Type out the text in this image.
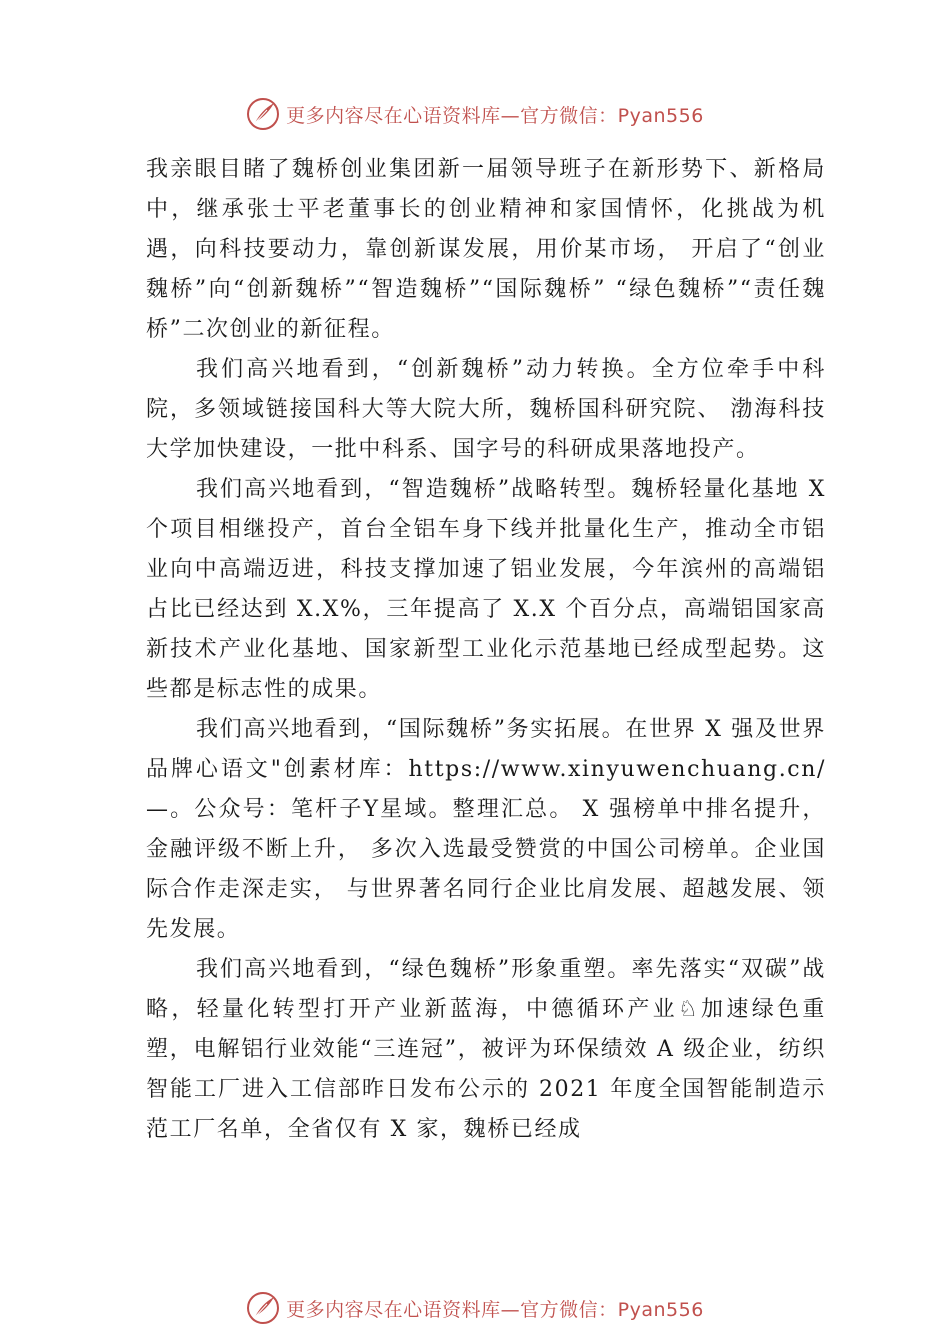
更多内容尽在心语资料库—官方微信：Pyan556

我亲眼目睹了魏桥创业集团新一届领导班子在新形势下、新格局中，继承张士平老董事长的创业精神和家国情怀，化挑战为机遇，向科技要动力，靠创新谋发展，用价某市场， 开启了“创业魏桥”向“创新魏桥”“智造魏桥”“国际魏桥” “绿色魏桥”“责任魏桥”二次创业的新征程。

我们高兴地看到，“创新魏桥”动力转换。全方位牵手中科院，多领域链接国科大等大院大所，魏桥国科研究院、 渤海科技大学加快建设，一批中科系、国字号的科研成果落地投产。

我们高兴地看到，“智造魏桥”战略转型。魏桥轻量化基地 X 个项目相继投产，首台全铝车身下线并批量化生产，推动全市铝业向中高端迈进，科技支撑加速了铝业发展，今年滨州的高端铝占比已经达到 X.X%，三年提高了 X.X 个百分点，高端铝国家高新技术产业化基地、国家新型工业化示范基地已经成型起势。这些都是标志性的成果。

我们高兴地看到，“国际魏桥”务实拓展。在世界 X 强及世界品牌心语文"创素材库：https://www.xinyuwenchuang.cn/—。公众号：笔杆子Y星域。整理汇总。 X 强榜单中排名提升，金融评级不断上升， 多次入选最受赞赏的中国公司榜单。企业国际合作走深走实， 与世界著名同行企业比肩发展、超越发展、领先发展。

我们高兴地看到，“绿色魏桥”形象重塑。率先落实“双碳”战略，轻量化转型打开产业新蓝海，中德循环产业♘加速绿色重塑，电解铝行业效能“三连冠”，被评为环保绩效 A 级企业，纺织智能工厂进入工信部昨日发布公示的 2021 年度全国智能制造示范工厂名单，全省仅有 X 家，魏桥已经成

更多内容尽在心语资料库—官方微信：Pyan556
